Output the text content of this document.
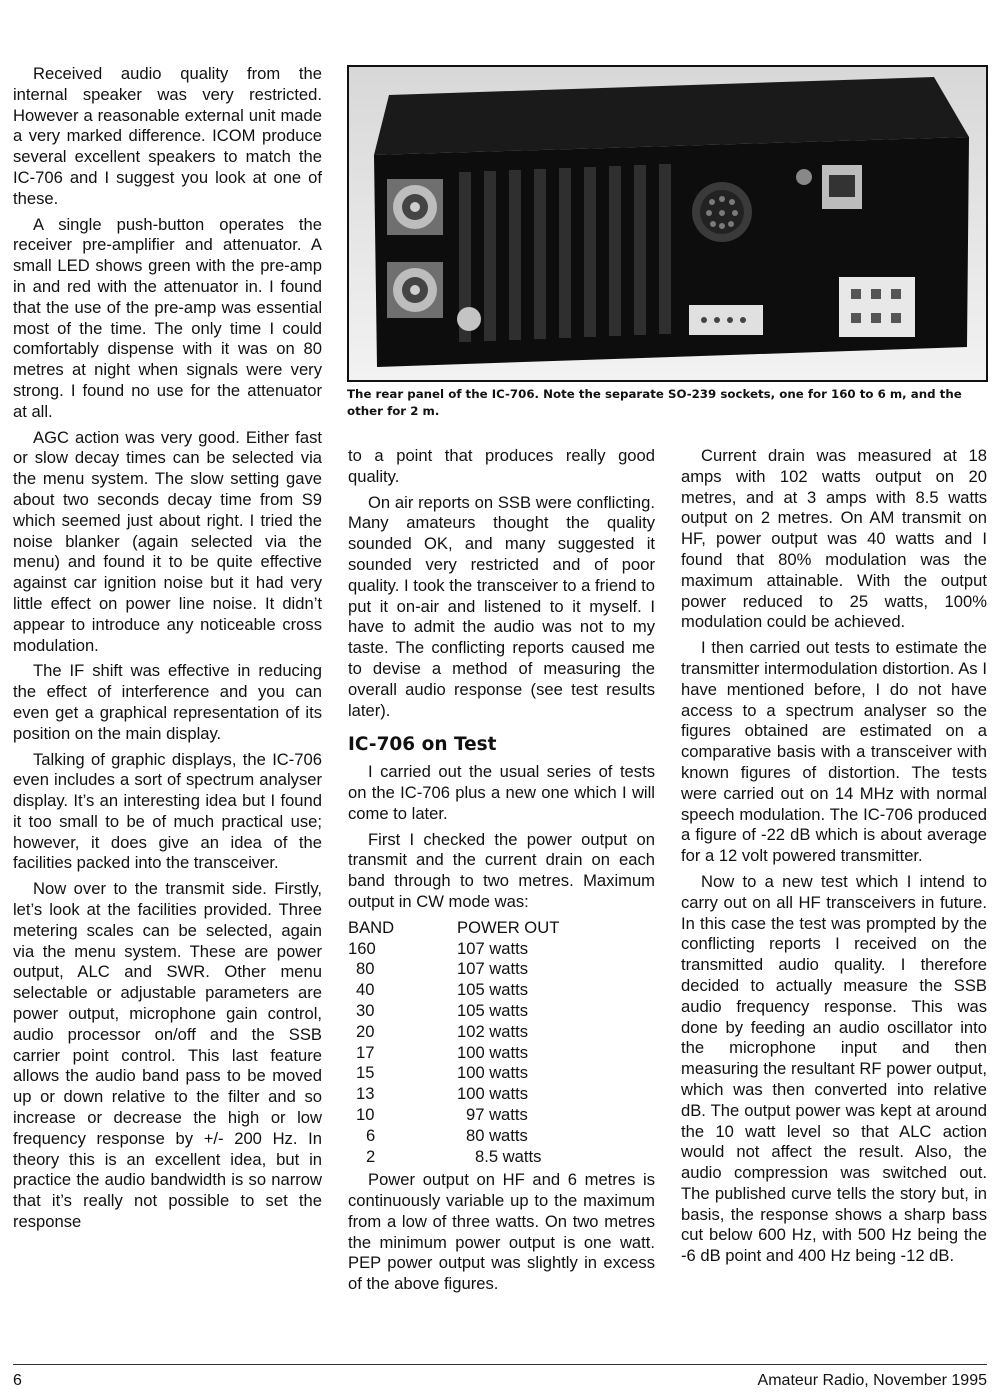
Received audio quality from the internal speaker was very restricted. However a reasonable external unit made a very marked difference. ICOM produce several excellent speakers to match the IC-706 and I suggest you look at one of these.

A single push-button operates the receiver pre-amplifier and attenuator. A small LED shows green with the pre-amp in and red with the attenuator in. I found that the use of the pre-amp was essential most of the time. The only time I could comfortably dispense with it was on 80 metres at night when signals were very strong. I found no use for the attenuator at all.

AGC action was very good. Either fast or slow decay times can be selected via the menu system. The slow setting gave about two seconds decay time from S9 which seemed just about right. I tried the noise blanker (again selected via the menu) and found it to be quite effective against car ignition noise but it had very little effect on power line noise. It didn’t appear to introduce any noticeable cross modulation.

The IF shift was effective in reducing the effect of interference and you can even get a graphical representation of its position on the main display.

Talking of graphic displays, the IC-706 even includes a sort of spectrum analyser display. It’s an interesting idea but I found it too small to be of much practical use; however, it does give an idea of the facilities packed into the transceiver.

Now over to the transmit side. Firstly, let’s look at the facilities provided. Three metering scales can be selected, again via the menu system. These are power output, ALC and SWR. Other menu selectable or adjustable parameters are power output, microphone gain control, audio processor on/off and the SSB carrier point control. This last feature allows the audio band pass to be moved up or down relative to the filter and so increase or decrease the high or low frequency response by +/- 200 Hz. In theory this is an excellent idea, but in practice the audio bandwidth is so narrow that it’s really not possible to set the response

The rear panel of the IC-706. Note the separate SO-239 sockets, one for 160 to 6 m, and the other for 2 m.

to a point that produces really good quality.

On air reports on SSB were conflicting. Many amateurs thought the quality sounded OK, and many suggested it sounded very restricted and of poor quality. I took the transceiver to a friend to put it on-air and listened to it myself. I have to admit the audio was not to my taste. The conflicting reports caused me to devise a method of measuring the overall audio response (see test results later).

IC-706 on Test

I carried out the usual series of tests on the IC-706 plus a new one which I will come to later.

First I checked the power output on transmit and the current drain on each band through to two metres. Maximum output in CW mode was:

BAND	POWER OUT
160	107 watts
80	107 watts
40	105 watts
30	105 watts
20	102 watts
17	100 watts
15	100 watts
13	100 watts
10	97 watts
6	80 watts
2	8.5 watts

Power output on HF and 6 metres is continuously variable up to the maximum from a low of three watts. On two metres the minimum power output is one watt. PEP power output was slightly in excess of the above figures.

Current drain was measured at 18 amps with 102 watts output on 20 metres, and at 3 amps with 8.5 watts output on 2 metres. On AM transmit on HF, power output was 40 watts and I found that 80% modulation was the maximum attainable. With the output power reduced to 25 watts, 100% modulation could be achieved.

I then carried out tests to estimate the transmitter intermodulation distortion. As I have mentioned before, I do not have access to a spectrum analyser so the figures obtained are estimated on a comparative basis with a transceiver with known figures of distortion. The tests were carried out on 14 MHz with normal speech modulation. The IC-706 produced a figure of -22 dB which is about average for a 12 volt powered transmitter.

Now to a new test which I intend to carry out on all HF transceivers in future. In this case the test was prompted by the conflicting reports I received on the transmitted audio quality. I therefore decided to actually measure the SSB audio frequency response. This was done by feeding an audio oscillator into the microphone input and then measuring the resultant RF power output, which was then converted into relative dB. The output power was kept at around the 10 watt level so that ALC action would not affect the result. Also, the audio compression was switched out. The published curve tells the story but, in basis, the response shows a sharp bass cut below 600 Hz, with 500 Hz being the -6 dB point and 400 Hz being -12 dB.

6	Amateur Radio, November 1995
